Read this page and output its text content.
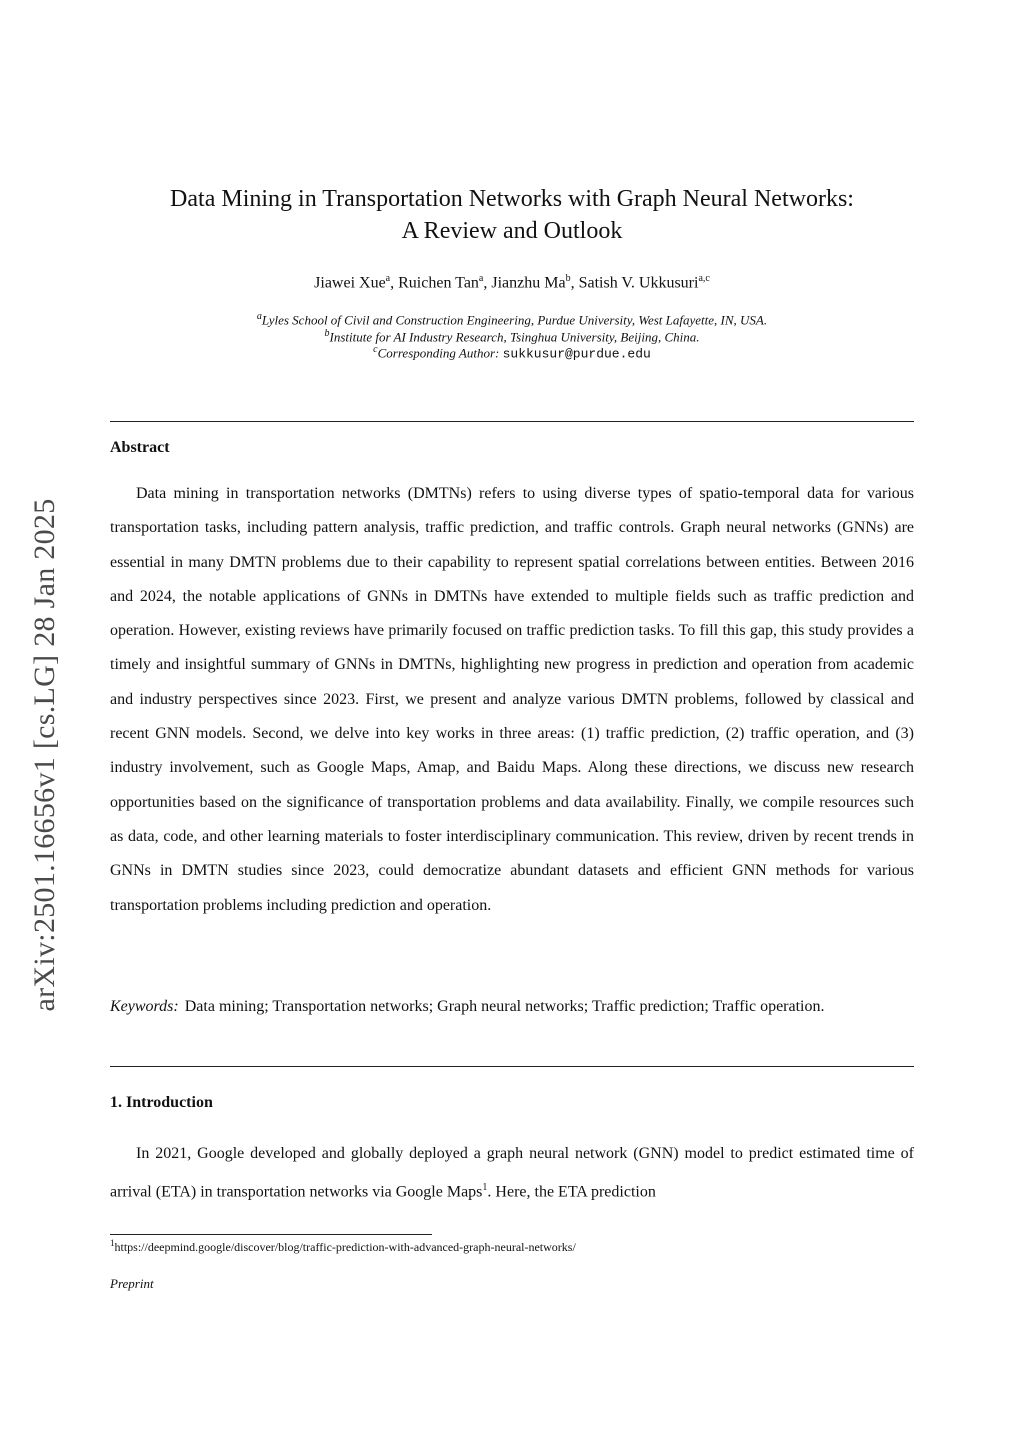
arXiv:2501.16656v1 [cs.LG] 28 Jan 2025
Data Mining in Transportation Networks with Graph Neural Networks:
A Review and Outlook
Jiawei Xue$^a$, Ruichen Tan$^a$, Jianzhu Ma$^b$, Satish V. Ukkusuri$^{a,c}$
$^a$Lyles School of Civil and Construction Engineering, Purdue University, West Lafayette, IN, USA.
$^b$Institute for AI Industry Research, Tsinghua University, Beijing, China.
$^c$Corresponding Author: sukkusur@purdue.edu
Abstract

Data mining in transportation networks (DMTNs) refers to using diverse types of spatio-temporal data for various transportation tasks, including pattern analysis, traffic prediction, and traffic controls. Graph neural networks (GNNs) are essential in many DMTN problems due to their capability to represent spatial correlations between entities. Between 2016 and 2024, the notable applications of GNNs in DMTNs have extended to multiple fields such as traffic prediction and operation. However, existing reviews have primarily focused on traffic prediction tasks. To fill this gap, this study provides a timely and insightful summary of GNNs in DMTNs, highlighting new progress in prediction and operation from academic and industry perspectives since 2023. First, we present and analyze various DMTN problems, followed by classical and recent GNN models. Second, we delve into key works in three areas: (1) traffic prediction, (2) traffic operation, and (3) industry involvement, such as Google Maps, Amap, and Baidu Maps. Along these directions, we discuss new research opportunities based on the significance of transportation problems and data availability. Finally, we compile resources such as data, code, and other learning materials to foster interdisciplinary communication. This review, driven by recent trends in GNNs in DMTN studies since 2023, could democratize abundant datasets and efficient GNN methods for various transportation problems including prediction and operation.

Keywords: Data mining; Transportation networks; Graph neural networks; Traffic prediction; Traffic operation.
1. Introduction

In 2021, Google developed and globally deployed a graph neural network (GNN) model to predict estimated time of arrival (ETA) in transportation networks via Google Maps$^1$. Here, the ETA prediction

$^1$https://deepmind.google/discover/blog/traffic-prediction-with-advanced-graph-neural-networks/
Preprint
